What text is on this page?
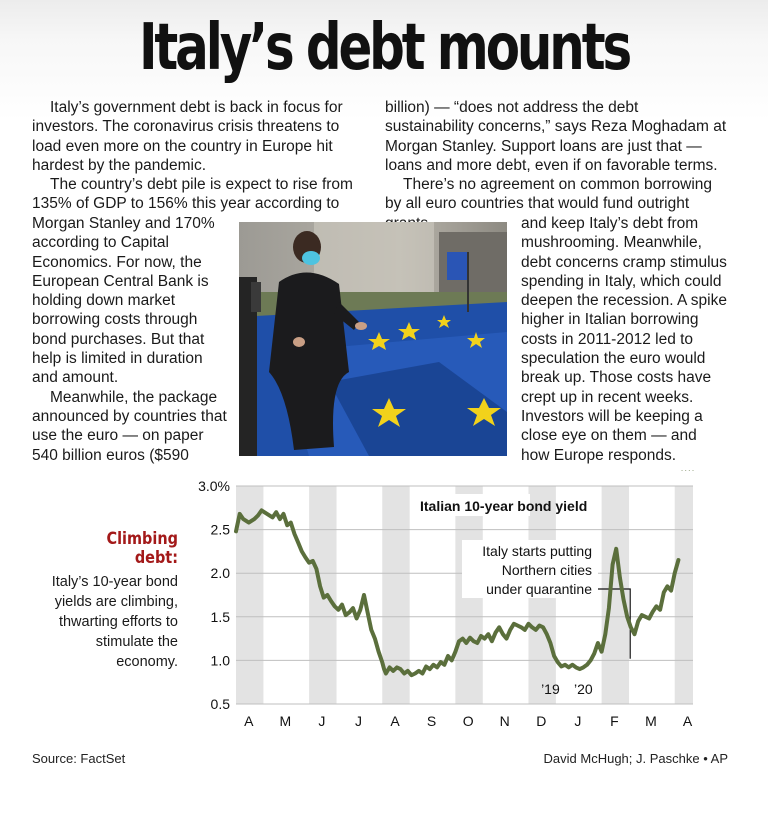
Italy’s debt mounts

Italy’s government debt is back in focus for investors. The coronavirus crisis threatens to load even more on the country in Europe hit hardest by the pandemic.

The country’s debt pile is expect to rise from 135% of GDP to 156% this year according to

Morgan Stanley and 170% according to Capital Economics. For now, the European Central Bank is holding down market borrowing costs through bond purchases. But that help is limited in duration and amount.

Meanwhile, the package announced by countries that use the euro — on paper 540 billion euros ($590

billion) — “does not address the debt sustainability concerns,” says Reza Moghadam at Morgan Stanley. Support loans are just that — loans and more debt, even if on favorable terms.

There’s no agreement on common borrowing by all euro countries that would fund outright

and keep Italy’s debt from mushrooming. Meanwhile, debt concerns cramp stimulus spending in Italy, which could deepen the recession. A spike higher in Italian borrowing costs in 2011-2012 led to speculation the euro would break up. Those costs have crept up in recent weeks. Investors will be keeping a close eye on them — and how Europe responds.

Climbing
debt:
Italy’s 10-year bond yields are climbing, thwarting efforts to stimulate the economy.
Italian 10-year bond yield
Italy starts putting
Northern cities
under quarantine
3.0%
2.5
2.0
1.5
1.0
0.5
A M J J A S O N D J F M A
’19 ’20
Source: FactSet	David McHugh; J. Paschke • AP
